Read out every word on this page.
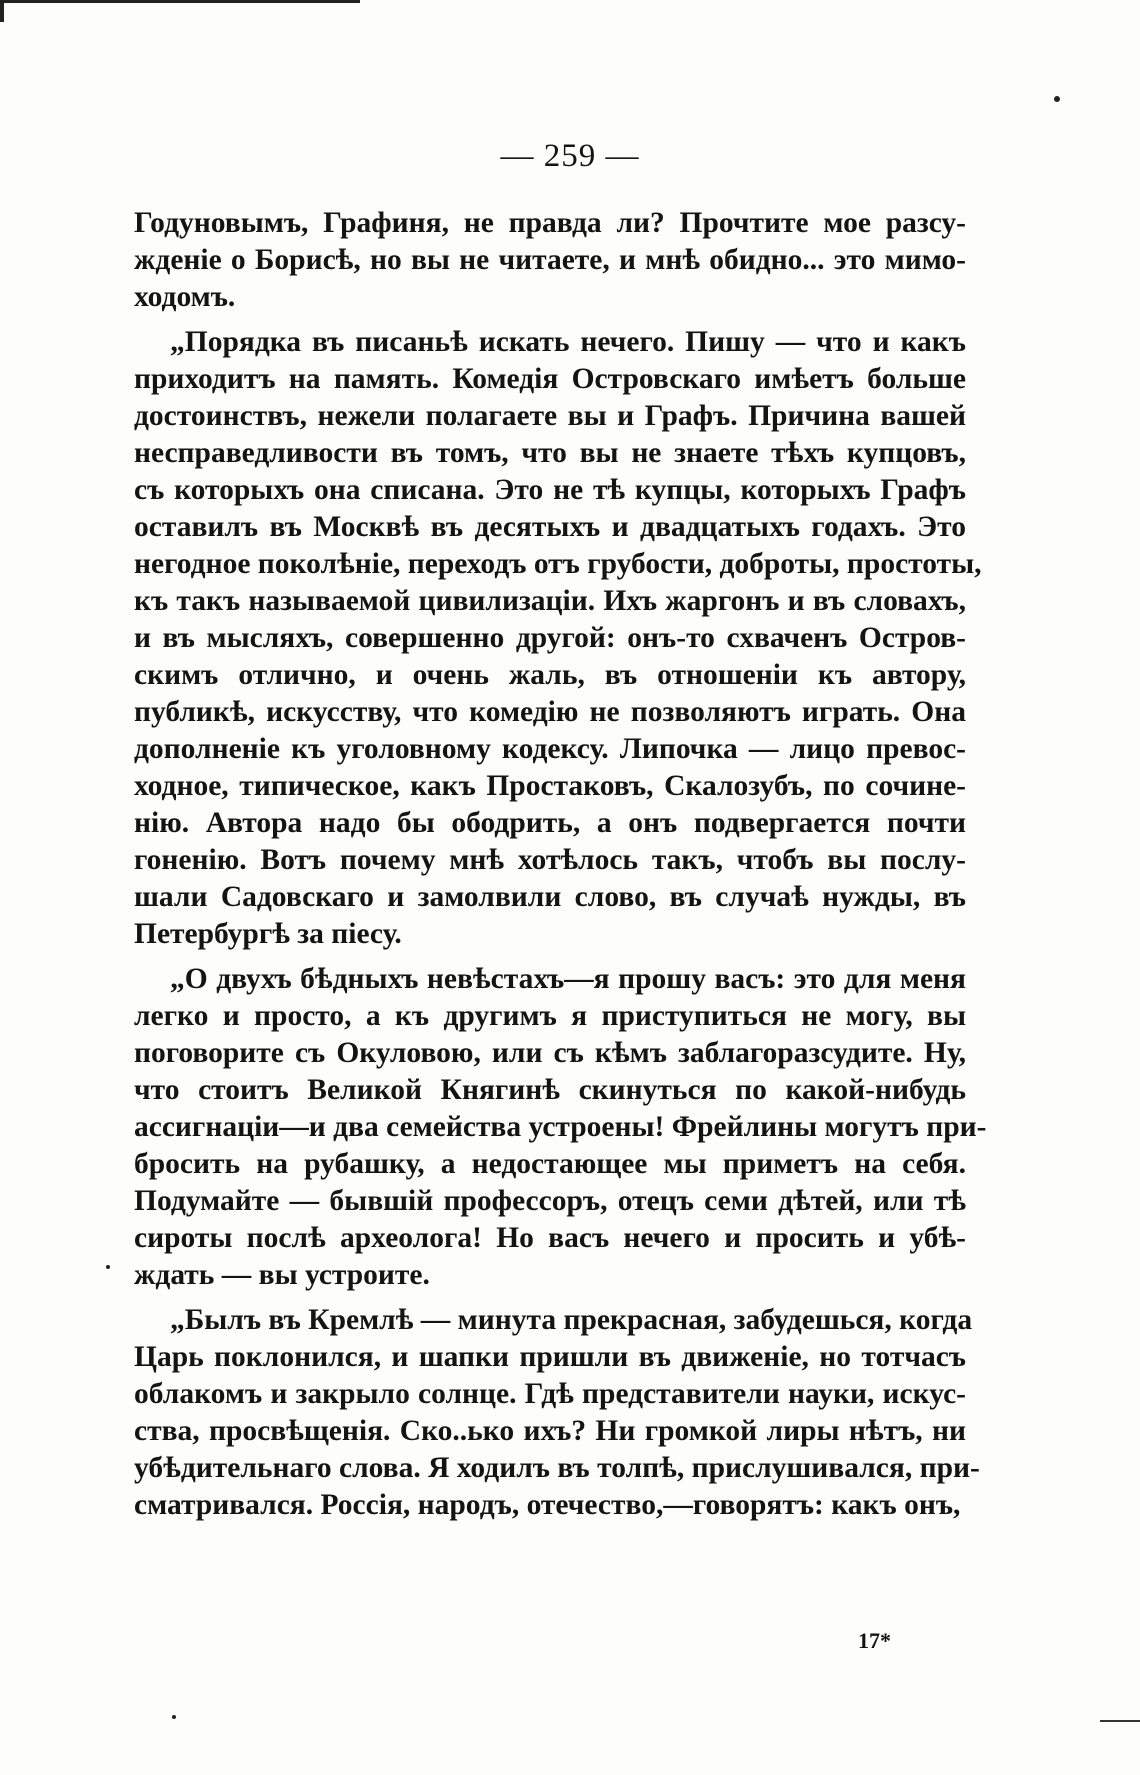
— 259 —

Годуновымъ, Графиня, не правда ли? Прочтите мое разсу-
жденіе о Борисѣ, но вы не читаете, и мнѣ обидно... это мимо-
ходомъ.

„Порядка въ писаньѣ искать нечего. Пишу — что и какъ
приходитъ на память. Комедія Островскаго имѣетъ больше
достоинствъ, нежели полагаете вы и Графъ. Причина вашей
несправедливости въ томъ, что вы не знаете тѣхъ купцовъ,
съ которыхъ она списана. Это не тѣ купцы, которыхъ Графъ
оставилъ въ Москвѣ въ десятыхъ и двадцатыхъ годахъ. Это
негодное поколѣніе, переходъ отъ грубости, доброты, простоты,
къ такъ называемой цивилизаціи. Ихъ жаргонъ и въ словахъ,
и въ мысляхъ, совершенно другой: онъ-то схваченъ Остров-
скимъ отлично, и очень жаль, въ отношеніи къ автору,
публикѣ, искусству, что комедію не позволяютъ играть. Она
дополненіе къ уголовному кодексу. Липочка — лицо превос-
ходное, типическое, какъ Простаковъ, Скалозубъ, по сочине-
нію. Автора надо бы ободрить, а онъ подвергается почти
гоненію. Вотъ почему мнѣ хотѣлось такъ, чтобъ вы послу-
шали Садовскаго и замолвили слово, въ случаѣ нужды, въ
Петербургѣ за піесу.

„О двухъ бѣдныхъ невѣстахъ—я прошу васъ: это для меня
легко и просто, а къ другимъ я приступиться не могу, вы
поговорите съ Окуловою, или съ кѣмъ заблагоразсудите. Ну,
что стоитъ Великой Княгинѣ скинуться по какой-нибудь
ассигнаціи—и два семейства устроены! Фрейлины могутъ при-
бросить на рубашку, а недостающее мы приметъ на себя.
Подумайте — бывшій профессоръ, отецъ семи дѣтей, или тѣ
сироты послѣ археолога! Но васъ нечего и просить и убѣ-
ждать — вы устроите.

„Былъ въ Кремлѣ — минута прекрасная, забудешься, когда
Царь поклонился, и шапки пришли въ движеніе, но тотчасъ
облакомъ и закрыло солнце. Гдѣ представители науки, искус-
ства, просвѣщенія. Ско..ько ихъ? Ни громкой лиры нѣтъ, ни
убѣдительнаго слова. Я ходилъ въ толпѣ, прислушивался, при-
сматривался. Россія, народъ, отечество,—говорятъ: какъ онъ,

17*
